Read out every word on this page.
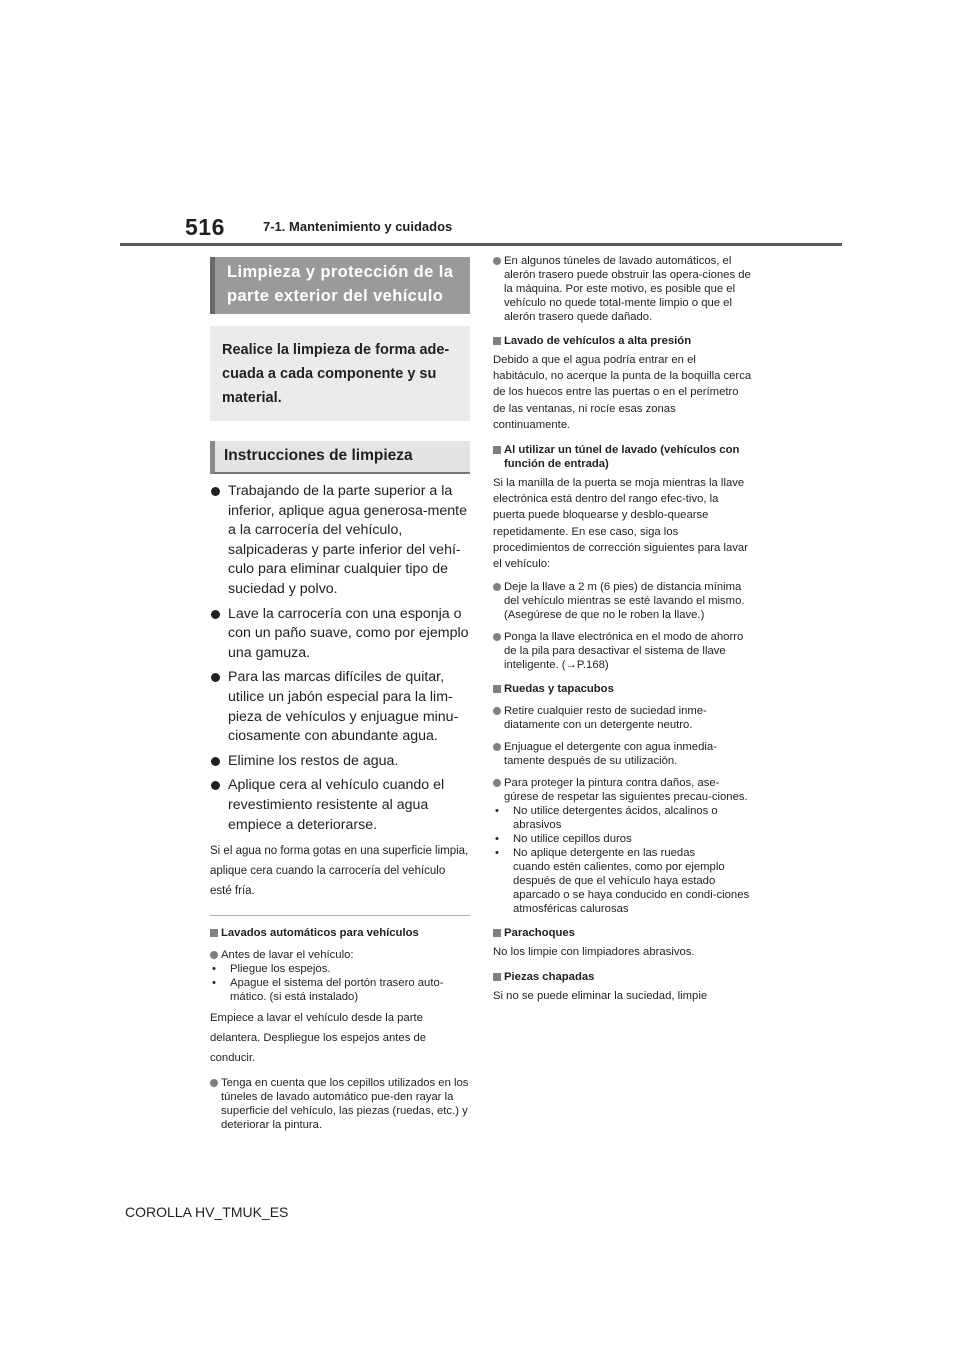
516	7-1. Mantenimiento y cuidados
Limpieza y protección de la parte exterior del vehículo
Realice la limpieza de forma ade-cuada a cada componente y su material.
Instrucciones de limpieza
Trabajando de la parte superior a la inferior, aplique agua generosa-mente a la carrocería del vehículo, salpicaderas y parte inferior del vehí-culo para eliminar cualquier tipo de suciedad y polvo.
Lave la carrocería con una esponja o con un paño suave, como por ejemplo una gamuza.
Para las marcas difíciles de quitar, utilice un jabón especial para la lim-pieza de vehículos y enjuague minu-ciosamente con abundante agua.
Elimine los restos de agua.
Aplique cera al vehículo cuando el revestimiento resistente al agua empiece a deteriorarse.
Si el agua no forma gotas en una superficie limpia, aplique cera cuando la carrocería del vehículo esté fría.
Lavados automáticos para vehículos
Antes de lavar el vehículo:
• Pliegue los espejos.
• Apague el sistema del portón trasero auto-
mático. (si está instalado)
Empiece a lavar el vehículo desde la parte delantera. Despliegue los espejos antes de conducir.
Tenga en cuenta que los cepillos utilizados en los túneles de lavado automático pue-den rayar la superficie del vehículo, las piezas (ruedas, etc.) y deteriorar la pintura.
En algunos túneles de lavado automáticos, el alerón trasero puede obstruir las opera-ciones de la máquina. Por este motivo, es posible que el vehículo no quede total-mente limpio o que el alerón trasero quede dañado.
Lavado de vehículos a alta presión
Debido a que el agua podría entrar en el habitáculo, no acerque la punta de la boquilla cerca de los huecos entre las puertas o en el perímetro de las ventanas, ni rocíe esas zonas continuamente.
Al utilizar un túnel de lavado (vehículos con función de entrada)
Si la manilla de la puerta se moja mientras la llave electrónica está dentro del rango efec-tivo, la puerta puede bloquearse y desblo-quearse repetidamente. En ese caso, siga los procedimientos de corrección siguientes para lavar el vehículo:
Deje la llave a 2 m (6 pies) de distancia mínima del vehículo mientras se esté lavando el mismo. (Asegúrese de que no le roben la llave.)
Ponga la llave electrónica en el modo de ahorro de la pila para desactivar el sistema de llave inteligente. (→P.168)
Ruedas y tapacubos
Retire cualquier resto de suciedad inme-diatamente con un detergente neutro.
Enjuague el detergente con agua inmedia-tamente después de su utilización.
Para proteger la pintura contra daños, ase-gúrese de respetar las siguientes precau-ciones.
• No utilice detergentes ácidos, alcalinos o
abrasivos
• No utilice cepillos duros
• No aplique detergente en las ruedas
cuando estén calientes, como por ejemplo después de que el vehículo haya estado aparcado o se haya conducido en condi-ciones atmosféricas calurosas
Parachoques
No los limpie con limpiadores abrasivos.
Piezas chapadas
Si no se puede eliminar la suciedad, limpie
COROLLA HV_TMUK_ES
